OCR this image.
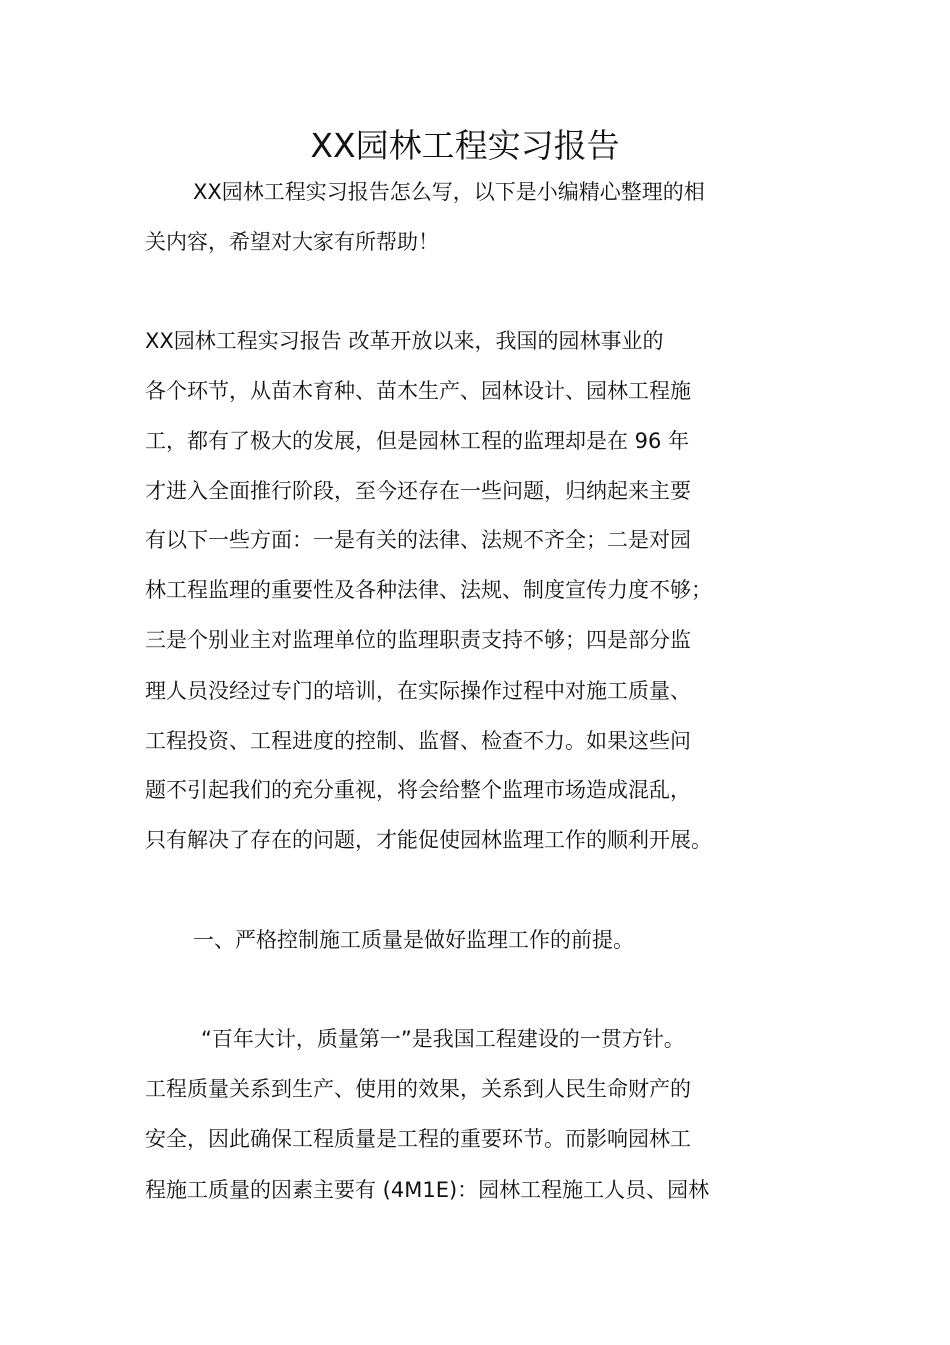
XX园林工程实习报告
XX园林工程实习报告怎么写，以下是小编精心整理的相
关内容，希望对大家有所帮助！
XX园林工程实习报告 改革开放以来，我国的园林事业的
各个环节，从苗木育种、苗木生产、园林设计、园林工程施
工，都有了极大的发展，但是园林工程的监理却是在 96 年
才进入全面推行阶段，至今还存在一些问题，归纳起来主要
有以下一些方面：一是有关的法律、法规不齐全；二是对园
林工程监理的重要性及各种法律、法规、制度宣传力度不够；
三是个别业主对监理单位的监理职责支持不够；四是部分监
理人员没经过专门的培训，在实际操作过程中对施工质量、
工程投资、工程进度的控制、监督、检查不力。如果这些问
题不引起我们的充分重视，将会给整个监理市场造成混乱，
只有解决了存在的问题，才能促使园林监理工作的顺利开展。
一、严格控制施工质量是做好监理工作的前提。
“百年大计，质量第一”是我国工程建设的一贯方针。
工程质量关系到生产、使用的效果，关系到人民生命财产的
安全，因此确保工程质量是工程的重要环节。而影响园林工
程施工质量的因素主要有 (4M1E)：园林工程施工人员、园林
